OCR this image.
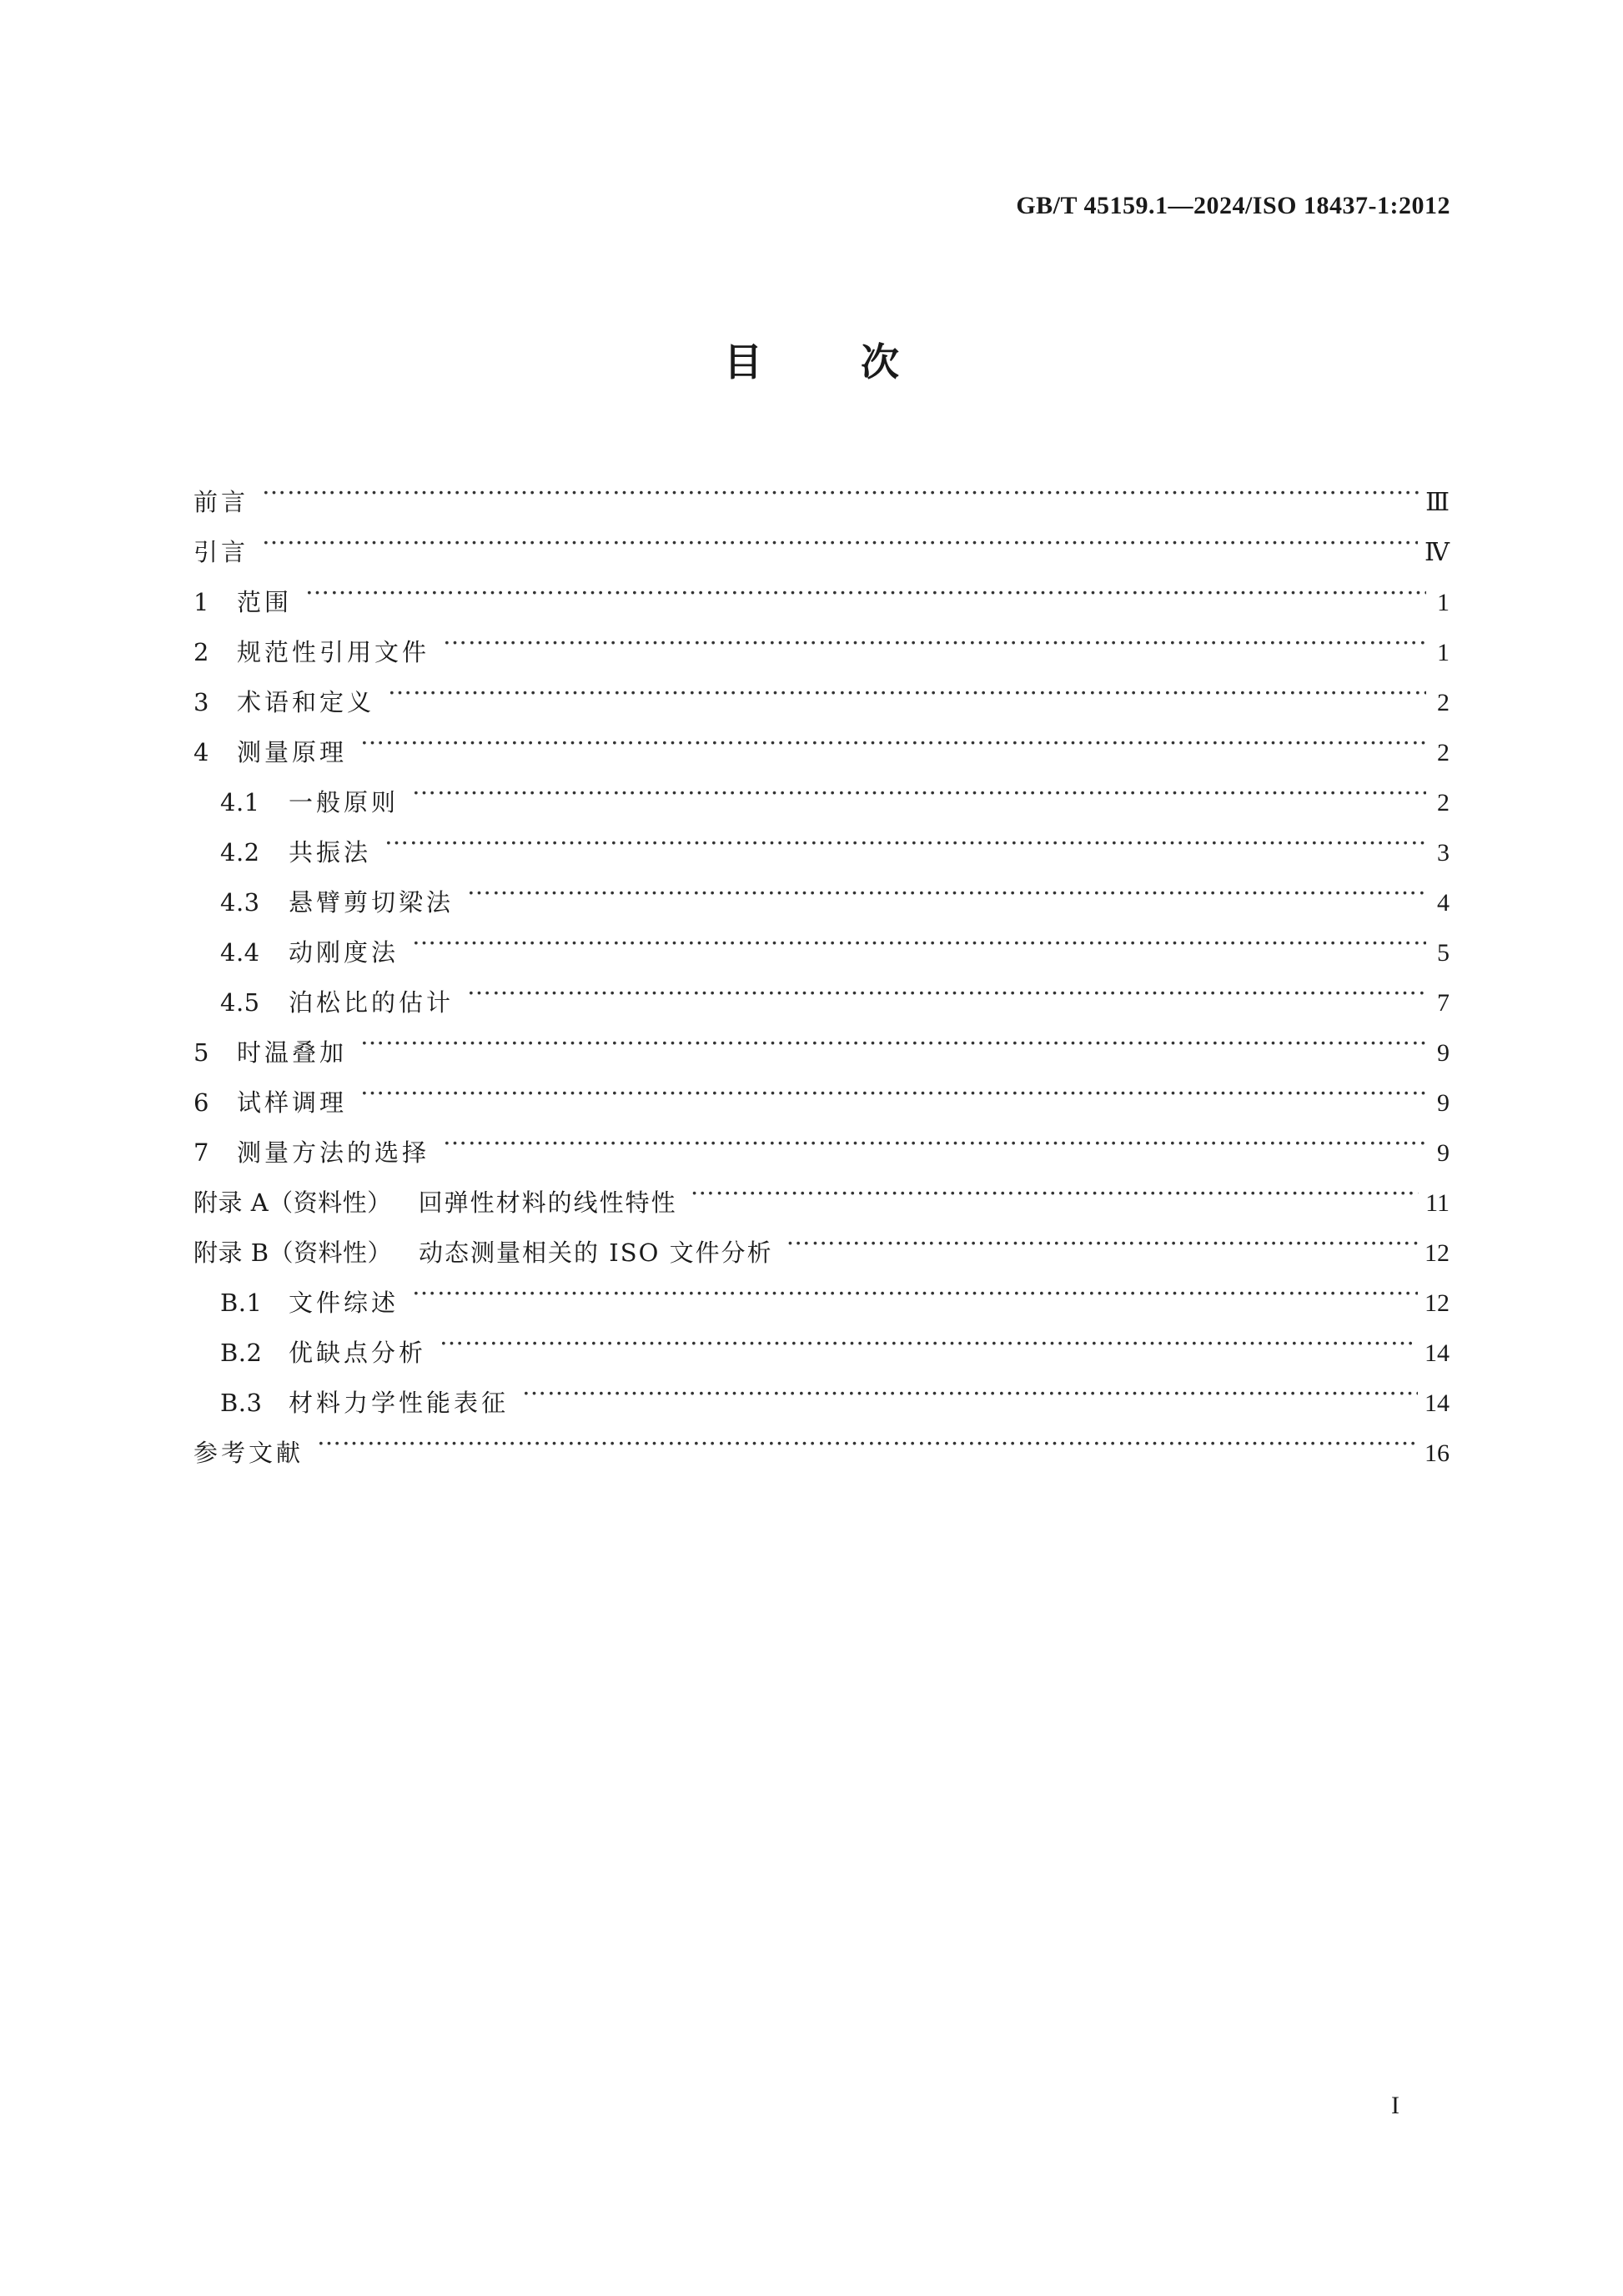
GB/T 45159.1—2024/ISO 18437-1:2012
目	次
前言 ……………………………………………………………………………………………………………………………………………………………………………………………………………………………………………………………………	Ⅲ
引言 ……………………………………………………………………………………………………………………………………………………………………………………………………………………………………………………………………	Ⅳ
1	范围 ……………………………………………………………………………………………………………………………………………………………………………………………………………………………………………………………………	1
2	规范性引用文件 ……………………………………………………………………………………………………………………………………………………………………………………………………………………………………………………………………	1
3	术语和定义 ……………………………………………………………………………………………………………………………………………………………………………………………………………………………………………………………………	2
4	测量原理 ……………………………………………………………………………………………………………………………………………………………………………………………………………………………………………………………………	2
4.1	一般原则 ……………………………………………………………………………………………………………………………………………………………………………………………………………………………………………………………………	2
4.2	共振法 ……………………………………………………………………………………………………………………………………………………………………………………………………………………………………………………………………	3
4.3	悬臂剪切梁法 ……………………………………………………………………………………………………………………………………………………………………………………………………………………………………………………………………	4
4.4	动刚度法 ……………………………………………………………………………………………………………………………………………………………………………………………………………………………………………………………………	5
4.5	泊松比的估计 ……………………………………………………………………………………………………………………………………………………………………………………………………………………………………………………………………	7
5	时温叠加 ……………………………………………………………………………………………………………………………………………………………………………………………………………………………………………………………………	9
6	试样调理 ……………………………………………………………………………………………………………………………………………………………………………………………………………………………………………………………………	9
7	测量方法的选择 ……………………………………………………………………………………………………………………………………………………………………………………………………………………………………………………………………	9
附录 A（资料性） 回弹性材料的线性特性 ……………………………………………………………………………………………………………………………………………………………………………………………………………………………………………………………………	11
附录 B（资料性） 动态测量相关的 ISO 文件分析 ……………………………………………………………………………………………………………………………………………………………………………………………………………………………………………………………………	12
B.1	文件综述 ……………………………………………………………………………………………………………………………………………………………………………………………………………………………………………………………………	12
B.2	优缺点分析 ……………………………………………………………………………………………………………………………………………………………………………………………………………………………………………………………………	14
B.3	材料力学性能表征 ……………………………………………………………………………………………………………………………………………………………………………………………………………………………………………………………………	14
参考文献 ……………………………………………………………………………………………………………………………………………………………………………………………………………………………………………………………………	16
I
